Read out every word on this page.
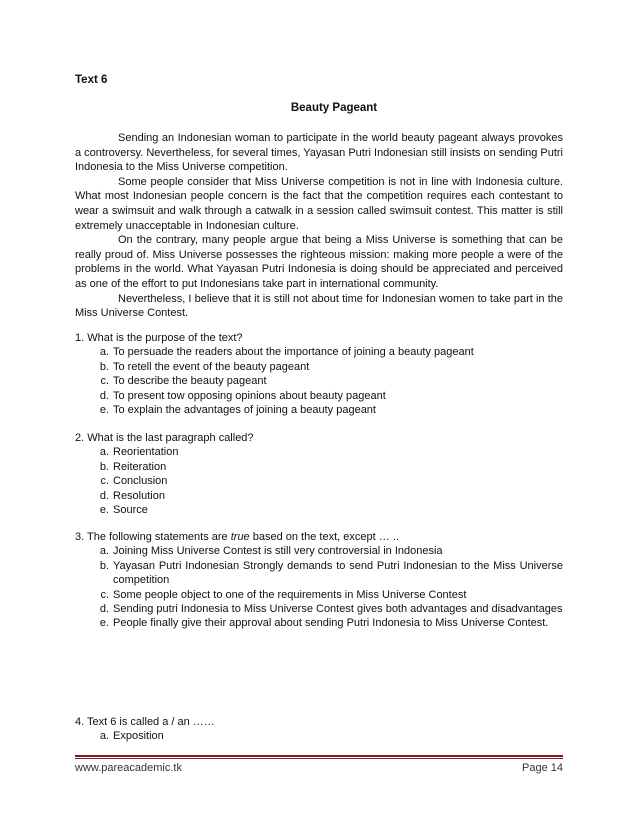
Text 6
Beauty Pageant

Sending an Indonesian woman to participate in the world beauty pageant always provokes a controversy. Nevertheless, for several times, Yayasan Putri Indonesian still insists on sending Putri Indonesia to the Miss Universe competition.

Some people consider that Miss Universe competition is not in line with Indonesia culture. What most Indonesian people concern is the fact that the competition requires each contestant to wear a swimsuit and walk through a catwalk in a session called swimsuit contest. This matter is still extremely unacceptable in Indonesian culture.

On the contrary, many people argue that being a Miss Universe is something that can be really proud of. Miss Universe possesses the righteous mission: making more people a were of the problems in the world. What Yayasan Putri Indonesia is doing should be appreciated and perceived as one of the effort to put Indonesians take part in international community.

Nevertheless, I believe that it is still not about time for Indonesian women to take part in the Miss Universe Contest.

1. What is the purpose of the text?

a. To persuade the readers about the importance of joining a beauty pageant
b. To retell the event of the beauty pageant
c. To describe the beauty pageant
d. To present tow opposing opinions about beauty pageant
e. To explain the advantages of joining a beauty pageant

2. What is the last paragraph called?

a. Reorientation
b. Reiteration
c. Conclusion
d. Resolution
e. Source

3. The following statements are true based on the text, except … ..

a. Joining Miss Universe Contest is still very controversial in Indonesia
b. Yayasan Putri Indonesian Strongly demands to send Putri Indonesian to the Miss Universe competition
c. Some people object to one of the requirements in Miss Universe Contest
d. Sending putri Indonesia to Miss Universe Contest gives both advantages and disadvantages
e. People finally give their approval about sending Putri Indonesia to Miss Universe Contest.

4. Text 6 is called a / an ……

a. Exposition
www.pareacademic.tk	Page 14
